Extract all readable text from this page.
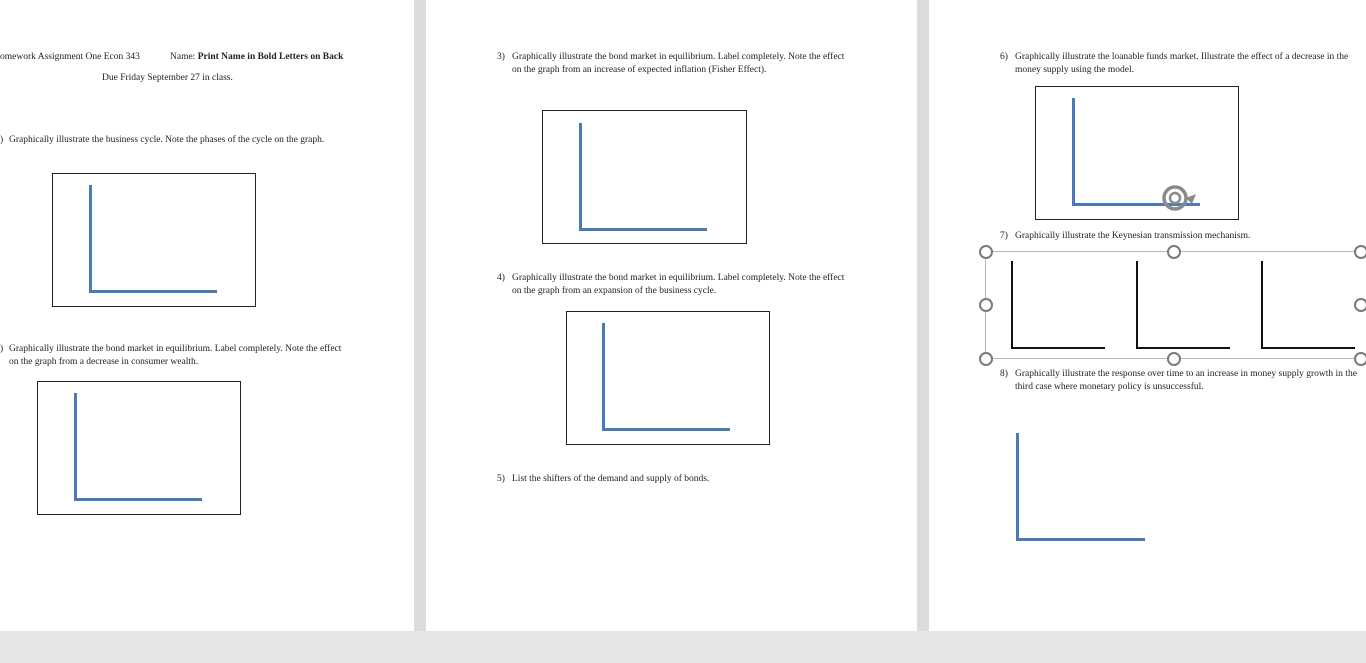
omework Assignment One Econ 343	Name: Print Name in Bold Letters on Back
Due Friday September 27 in class.
) Graphically illustrate the business cycle. Note the phases of the cycle on the graph.
) Graphically illustrate the bond market in equilibrium. Label completely. Note the effect
on the graph from a decrease in consumer wealth.
3) Graphically illustrate the bond market in equilibrium. Label completely. Note the effect
on the graph from an increase of expected inflation (Fisher Effect).
4) Graphically illustrate the bond market in equilibrium. Label completely. Note the effect
on the graph from an expansion of the business cycle.
5) List the shifters of the demand and supply of bonds.
6) Graphically illustrate the loanable funds market. Illustrate the effect of a decrease in the
money supply using the model.
7) Graphically illustrate the Keynesian transmission mechanism.
8) Graphically illustrate the response over time to an increase in money supply growth in the
third case where monetary policy is unsuccessful.
